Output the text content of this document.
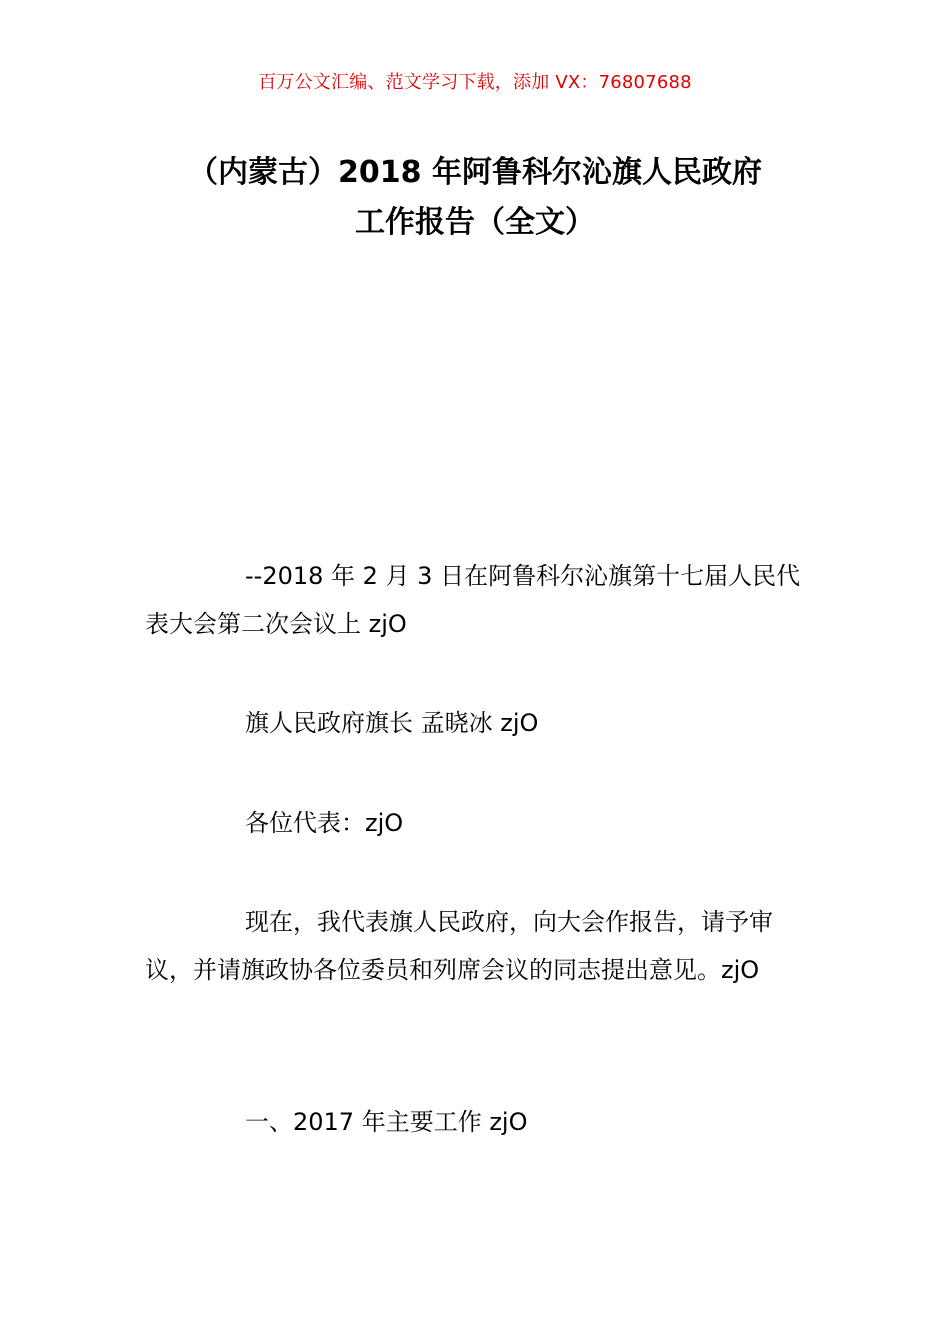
百万公文汇编、范文学习下载，添加 VX：76807688
（内蒙古）2018 年阿鲁科尔沁旗人民政府
工作报告（全文）

--2018 年 2 月 3 日在阿鲁科尔沁旗第十七届人民代表大会第二次会议上 zjO

旗人民政府旗长 孟晓冰 zjO

各位代表：zjO

现在，我代表旗人民政府，向大会作报告，请予审议，并请旗政协各位委员和列席会议的同志提出意见。zjO

一、2017 年主要工作 zjO
